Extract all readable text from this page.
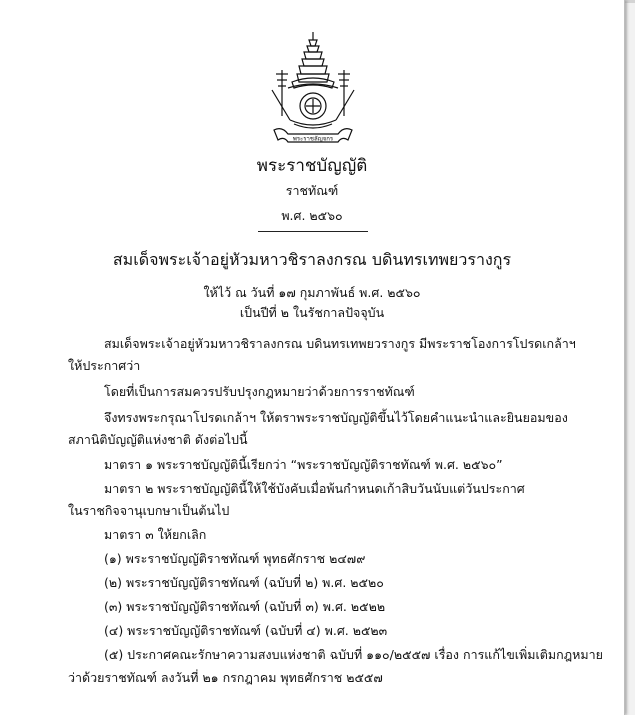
พระราชลัญจกร
พระราชบัญญัติ
ราชทัณฑ์
พ.ศ. ๒๕๖๐
สมเด็จพระเจ้าอยู่หัวมหาวชิราลงกรณ บดินทรเทพยวรางกูร
ให้ไว้ ณ วันที่ ๑๗ กุมภาพันธ์ พ.ศ. ๒๕๖๐
เป็นปีที่ ๒ ในรัชกาลปัจจุบัน
สมเด็จพระเจ้าอยู่หัวมหาวชิราลงกรณ บดินทรเทพยวรางกูร มีพระราชโองการโปรดเกล้าฯ
ให้ประกาศว่า
โดยที่เป็นการสมควรปรับปรุงกฎหมายว่าด้วยการราชทัณฑ์
จึงทรงพระกรุณาโปรดเกล้าฯ ให้ตราพระราชบัญญัติขึ้นไว้โดยคำแนะนำและยินยอมของ
สภานิติบัญญัติแห่งชาติ ดังต่อไปนี้
มาตรา ๑ พระราชบัญญัตินี้เรียกว่า “พระราชบัญญัติราชทัณฑ์ พ.ศ. ๒๕๖๐”
มาตรา ๒ พระราชบัญญัตินี้ให้ใช้บังคับเมื่อพ้นกำหนดเก้าสิบวันนับแต่วันประกาศ
ในราชกิจจานุเบกษาเป็นต้นไป
มาตรา ๓ ให้ยกเลิก
(๑) พระราชบัญญัติราชทัณฑ์ พุทธศักราช ๒๔๗๙
(๒) พระราชบัญญัติราชทัณฑ์ (ฉบับที่ ๒) พ.ศ. ๒๕๒๐
(๓) พระราชบัญญัติราชทัณฑ์ (ฉบับที่ ๓) พ.ศ. ๒๕๒๒
(๔) พระราชบัญญัติราชทัณฑ์ (ฉบับที่ ๔) พ.ศ. ๒๕๒๓
(๕) ประกาศคณะรักษาความสงบแห่งชาติ ฉบับที่ ๑๑๐/๒๕๕๗ เรื่อง การแก้ไขเพิ่มเติมกฎหมาย
ว่าด้วยราชทัณฑ์ ลงวันที่ ๒๑ กรกฎาคม พุทธศักราช ๒๕๕๗
